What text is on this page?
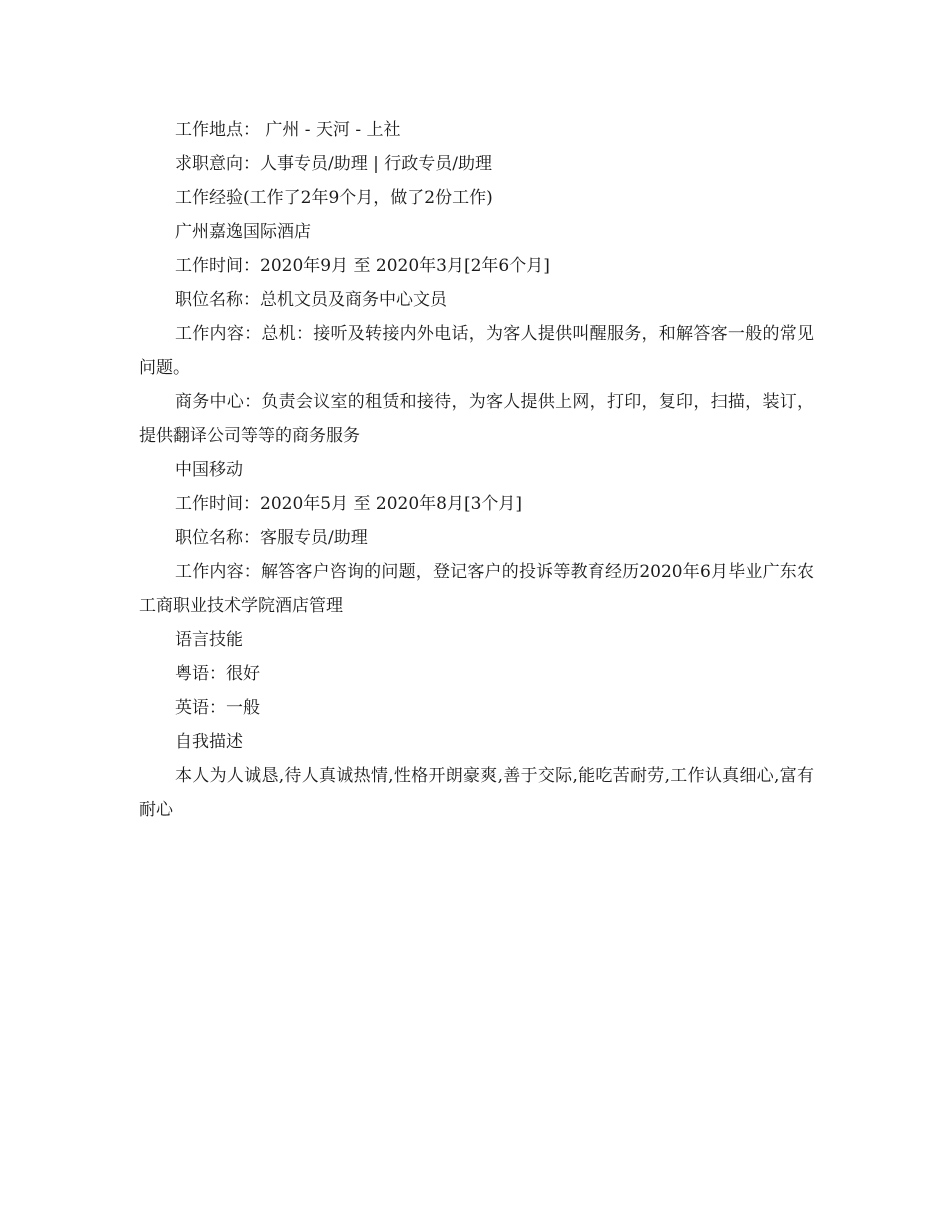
工作地点： 广州 - 天河 - 上社

求职意向：人事专员/助理 | 行政专员/助理

工作经验(工作了2年9个月，做了2份工作)

广州嘉逸国际酒店

工作时间：2020年9月 至 2020年3月[2年6个月]

职位名称：总机文员及商务中心文员

工作内容：总机：接听及转接内外电话，为客人提供叫醒服务，和解答客一般的常见问题。

商务中心：负责会议室的租赁和接待，为客人提供上网，打印，复印，扫描，装订，提供翻译公司等等的商务服务

中国移动

工作时间：2020年5月 至 2020年8月[3个月]

职位名称：客服专员/助理

工作内容：解答客户咨询的问题，登记客户的投诉等教育经历2020年6月毕业广东农工商职业技术学院酒店管理

语言技能

粤语：很好

英语：一般

自我描述

本人为人诚恳,待人真诚热情,性格开朗豪爽,善于交际,能吃苦耐劳,工作认真细心,富有耐心
